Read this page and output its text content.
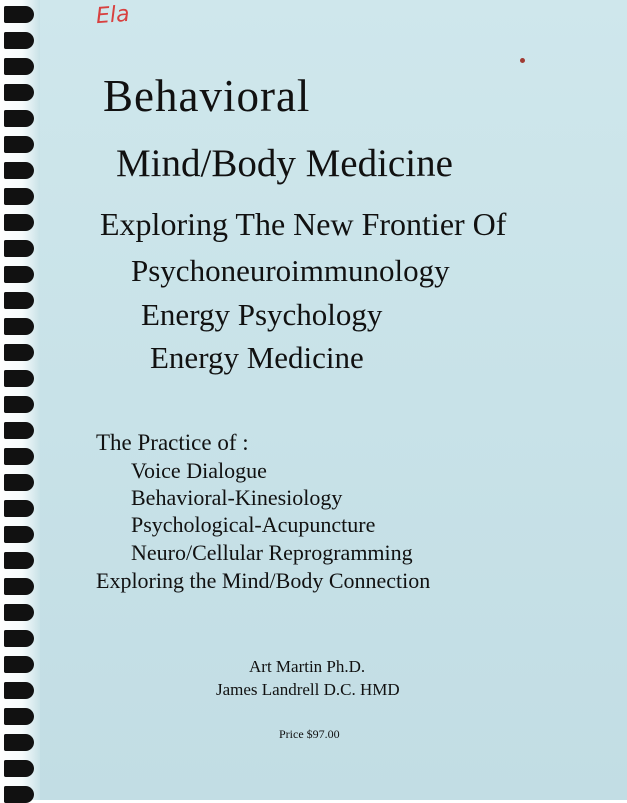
Ela
Behavioral
Mind/Body Medicine
Exploring The New Frontier Of
Psychoneuroimmunology
Energy Psychology
Energy Medicine
The Practice of :
Voice Dialogue
Behavioral-Kinesiology
Psychological-Acupuncture
Neuro/Cellular Reprogramming
Exploring the Mind/Body Connection
Art Martin Ph.D.
James Landrell D.C. HMD
Price $97.00
